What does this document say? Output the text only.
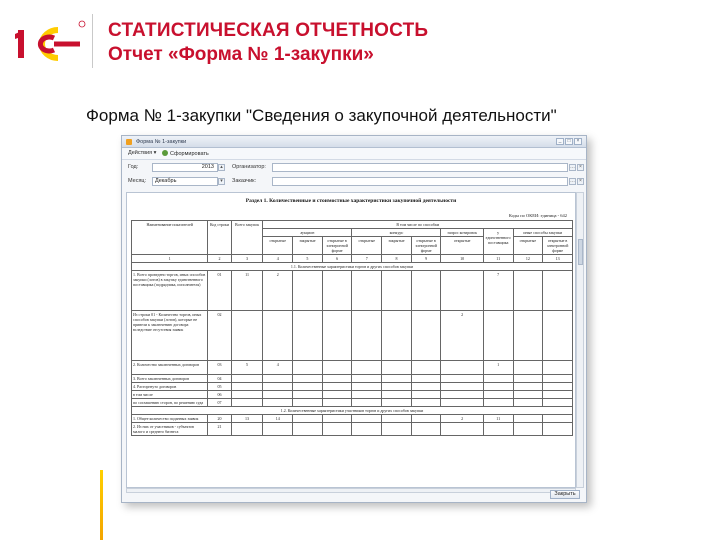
СТАТИСТИЧЕСКАЯ ОТЧЕТНОСТЬ
Отчет «Форма № 1-закупки»
Форма № 1-закупки "Сведения о закупочной деятельности"
Форма № 1-закупки	_	□	×
Действия ▾	Сформировать
Год:	2013	▴	Организатор:	… ×
Месяц:	Декабрь	▾	Заказчик:	… ×
Раздел 1. Количественные и стоимостные характеристики закупочной деятельности
Коды по ОКЕИ: единица - 642
Наименование показателей	Код строки	Всего закупок	В том числе по способам									
			аукцион			конкурс			запрос котировок	у единственного поставщика	иные способы закупки	
			открытые	закрытые	открытые в электронной форме	открытые	закрытые	открытые в электронной форме	открытые		открытые	открытые в электронной форме
1	2	3	4	5	6	7	8	9	10	11	12	13
1.1. Количественные характеристики торгов и других способов закупки												
1. Всего проведено торгов, иных способов закупки (лотов) в закупку единственного поставщика (подрядчика, исполнителя)	01	11	2							7		
Из строки 01 - Количество торгов, иных способов закупки (лотов), которые не привели к заключению договора вследствие отсутствия заявок	02								2			
2. Количество заключенных договоров	03	5	4							1		
3. Всего заключенных договоров	04											
4. Расторгнуто договоров	05											
в том числе	06											
по соглашению сторон, по решению суда	07											
1.2. Количественные характеристики участников торгов и других способов закупки												
1. Общее количество поданных заявок	20	13	14						2	11		
2. Из них от участников - субъектов малого и среднего бизнеса	21											
Закрыть
